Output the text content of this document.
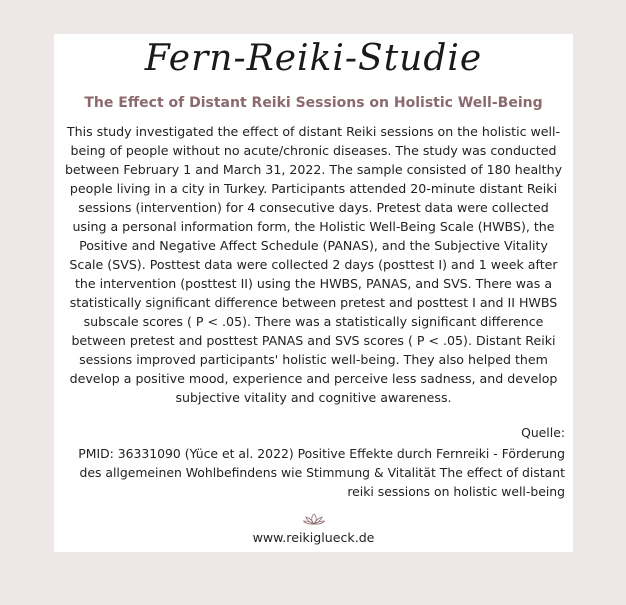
Fern-Reiki-Studie
The Effect of Distant Reiki Sessions on Holistic Well-Being
This study investigated the effect of distant Reiki sessions on the holistic well-being of people without no acute/chronic diseases. The study was conducted between February 1 and March 31, 2022. The sample consisted of 180 healthy people living in a city in Turkey. Participants attended 20-minute distant Reiki sessions (intervention) for 4 consecutive days. Pretest data were collected using a personal information form, the Holistic Well-Being Scale (HWBS), the Positive and Negative Affect Schedule (PANAS), and the Subjective Vitality Scale (SVS). Posttest data were collected 2 days (posttest I) and 1 week after the intervention (posttest II) using the HWBS, PANAS, and SVS. There was a statistically significant difference between pretest and posttest I and II HWBS subscale scores ( P < .05). There was a statistically significant difference between pretest and posttest PANAS and SVS scores ( P < .05). Distant Reiki sessions improved participants' holistic well-being. They also helped them develop a positive mood, experience and perceive less sadness, and develop subjective vitality and cognitive awareness.
Quelle:
PMID: 36331090 (Yüce et al. 2022) Positive Effekte durch Fernreiki - Förderung des allgemeinen Wohlbefindens wie Stimmung & Vitalität The effect of distant reiki sessions on holistic well-being
www.reikiglueck.de
